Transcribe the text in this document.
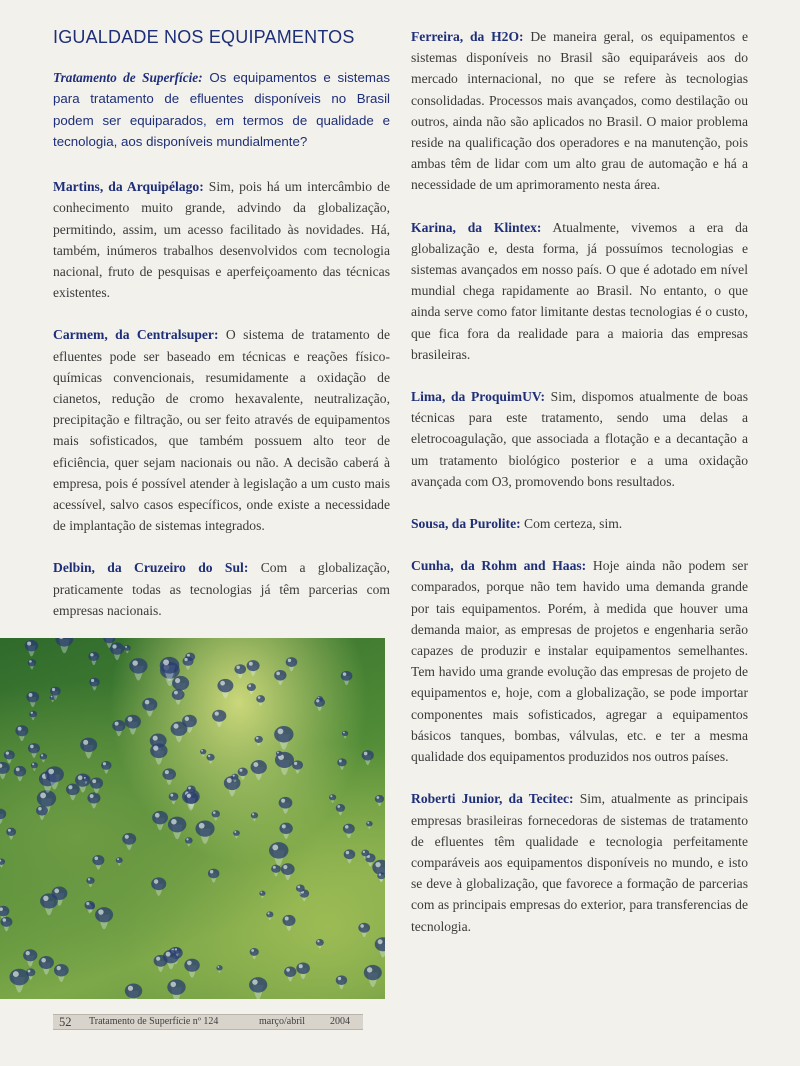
IGUALDADE NOS EQUIPAMENTOS

Tratamento de Superfície: Os equipamentos e sistemas para tratamento de efluentes disponíveis no Brasil podem ser equiparados, em termos de qualidade e tecnologia, aos disponíveis mundialmente?

Martins, da Arquipélago: Sim, pois há um intercâmbio de conhecimento muito grande, advindo da globalização, permitindo, assim, um acesso facilitado às novidades. Há, também, inúmeros trabalhos desenvolvidos com tecnologia nacional, fruto de pesquisas e aperfeiçoamento das técnicas existentes.

Carmem, da Centralsuper: O sistema de tratamento de efluentes pode ser baseado em técnicas e reações físico-químicas convencionais, resumidamente a oxidação de cianetos, redução de cromo hexavalente, neutralização, precipitação e filtração, ou ser feito através de equipamentos mais sofisticados, que também possuem alto teor de eficiência, quer sejam nacionais ou não. A decisão caberá à empresa, pois é possível atender à legislação a um custo mais acessível, salvo casos específicos, onde existe a necessidade de implantação de sistemas integrados.

Delbin, da Cruzeiro do Sul: Com a globalização, praticamente todas as tecnologias já têm parcerias com empresas nacionais.

Ferreira, da H2O: De maneira geral, os equipamentos e sistemas disponíveis no Brasil são equiparáveis aos do mercado internacional, no que se refere às tecnologias consolidadas. Processos mais avançados, como destilação ou outros, ainda não são aplicados no Brasil. O maior problema reside na qualificação dos operadores e na manutenção, pois ambas têm de lidar com um alto grau de automação e há a necessidade de um aprimoramento nesta área.

Karina, da Klintex: Atualmente, vivemos a era da globalização e, desta forma, já possuímos tecnologias e sistemas avançados em nosso país. O que é adotado em nível mundial chega rapidamente ao Brasil. No entanto, o que ainda serve como fator limitante destas tecnologias é o custo, que fica fora da realidade para a maioria das empresas brasileiras.

Lima, da ProquimUV: Sim, dispomos atualmente de boas técnicas para este tratamento, sendo uma delas a eletrocoagulação, que associada a flotação e a decantação a um tratamento biológico posterior e a uma oxidação avançada com O3, promovendo bons resultados.

Sousa, da Purolite: Com certeza, sim.

Cunha, da Rohm and Haas: Hoje ainda não podem ser comparados, porque não tem havido uma demanda grande por tais equipamentos. Porém, à medida que houver uma demanda maior, as empresas de projetos e engenharia serão capazes de produzir e instalar equipamentos semelhantes. Tem havido uma grande evolução das empresas de projeto de equipamentos e, hoje, com a globalização, se pode importar componentes mais sofisticados, agregar a equipamentos básicos tanques, bombas, válvulas, etc. e ter a mesma qualidade dos equipamentos produzidos nos outros países.

Roberti Junior, da Tecitec: Sim, atualmente as principais empresas brasileiras fornecedoras de sistemas de tratamento de efluentes têm qualidade e tecnologia perfeitamente comparáveis aos equipamentos disponíveis no mundo, e isto se deve à globalização, que favorece a formação de parcerias com as principais empresas do exterior, para transferencias de tecnologia.

52 Tratamento de Superfície nº 124	março/abril 2004
